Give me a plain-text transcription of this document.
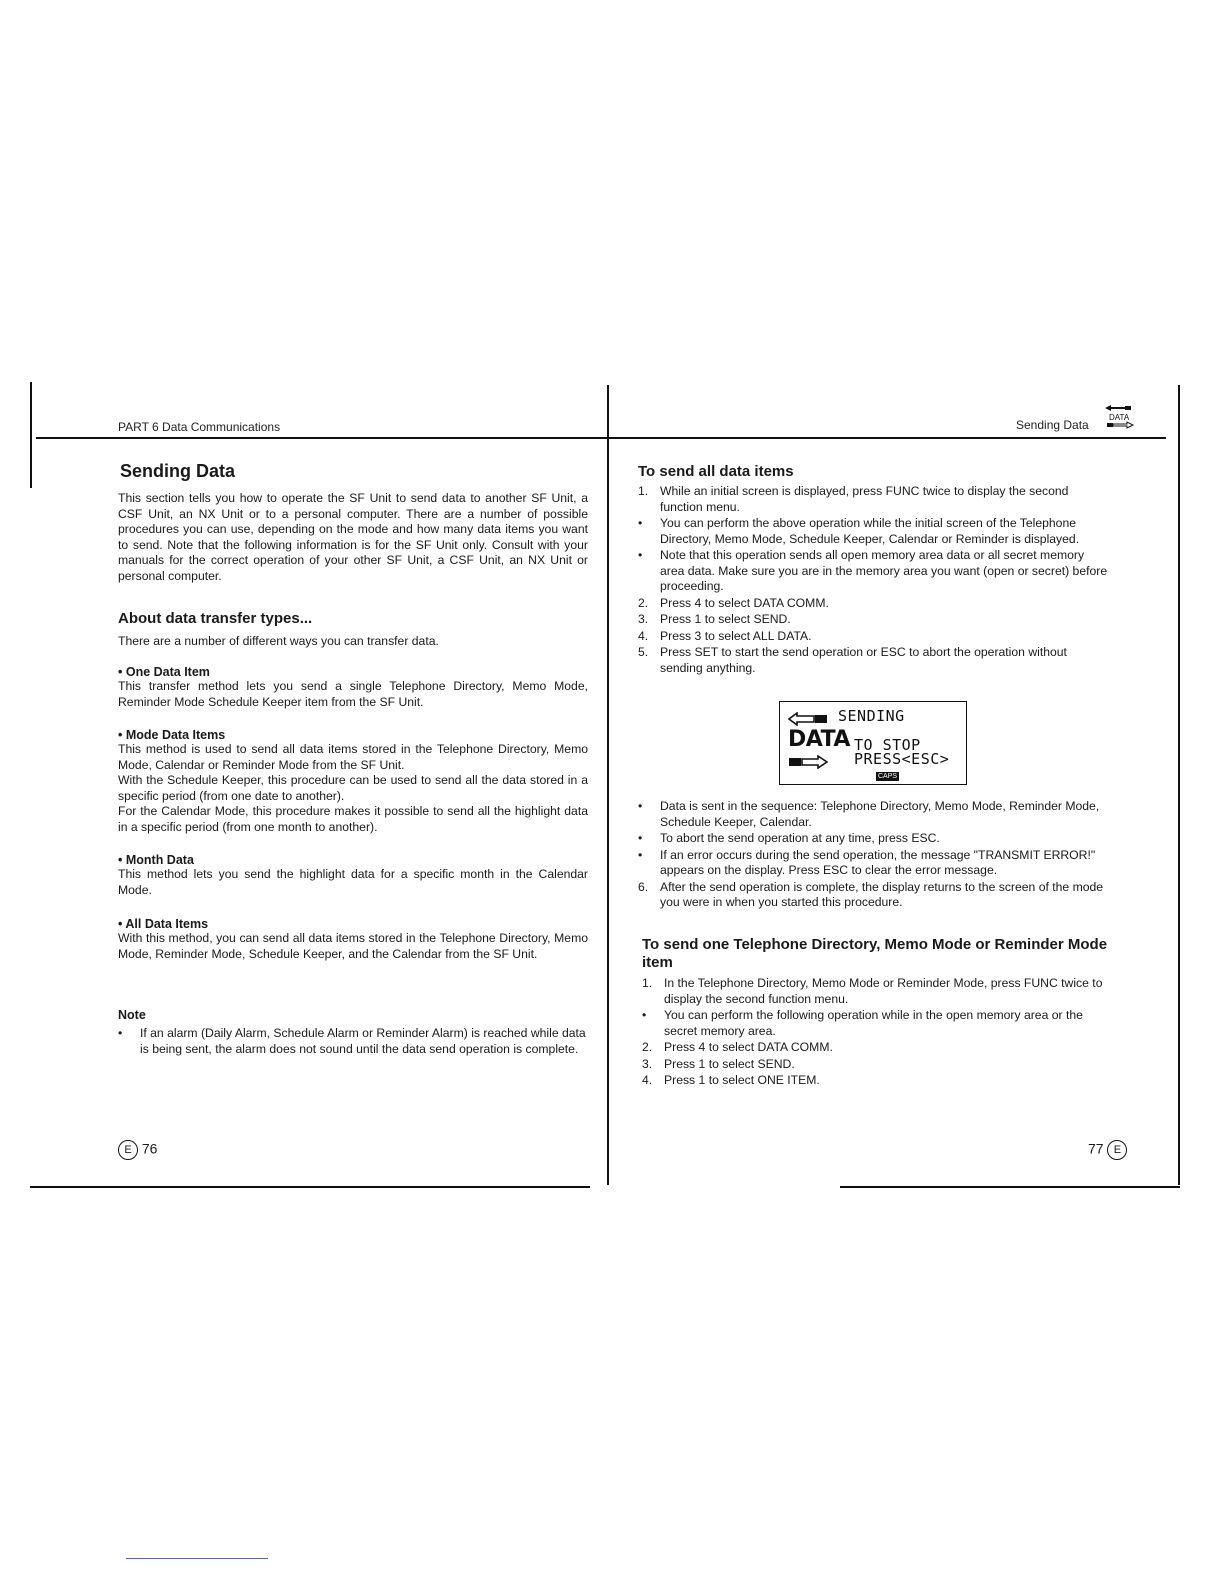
PART 6 Data Communications	Sending Data
DATA
Sending Data
This section tells you how to operate the SF Unit to send data to another SF Unit, a CSF Unit, an NX Unit or to a personal computer. There are a number of possible procedures you can use, depending on the mode and how many data items you want to send. Note that the following information is for the SF Unit only. Consult with your manuals for the correct operation of your other SF Unit, a CSF Unit, an NX Unit or personal computer.
About data transfer types...
There are a number of different ways you can transfer data.
• One Data Item
This transfer method lets you send a single Telephone Directory, Memo Mode, Reminder Mode Schedule Keeper item from the SF Unit.
• Mode Data Items
This method is used to send all data items stored in the Telephone Directory, Memo Mode, Calendar or Reminder Mode from the SF Unit.
With the Schedule Keeper, this procedure can be used to send all the data stored in a specific period (from one date to another).
For the Calendar Mode, this procedure makes it possible to send all the highlight data in a specific period (from one month to another).
• Month Data
This method lets you send the highlight data for a specific month in the Calendar Mode.
• All Data Items
With this method, you can send all data items stored in the Telephone Directory, Memo Mode, Reminder Mode, Schedule Keeper, and the Calendar from the SF Unit.
Note
•	If an alarm (Daily Alarm, Schedule Alarm or Reminder Alarm) is reached while data is being sent, the alarm does not sound until the data send operation is complete.
E 76
To send all data items
1. While an initial screen is displayed, press FUNC twice to display the second function menu.
•	You can perform the above operation while the initial screen of the Telephone Directory, Memo Mode, Schedule Keeper, Calendar or Reminder is displayed.
•	Note that this operation sends all open memory area data or all secret memory area data. Make sure you are in the memory area you want (open or secret) before proceeding.
2. Press 4 to select DATA COMM.
3. Press 1 to select SEND.
4. Press 3 to select ALL DATA.
5. Press SET to start the send operation or ESC to abort the operation without sending anything.
SENDING
DATA TO STOP
PRESS<ESC>
CAPS
•	Data is sent in the sequence: Telephone Directory, Memo Mode, Reminder Mode, Schedule Keeper, Calendar.
•	To abort the send operation at any time, press ESC.
•	If an error occurs during the send operation, the message "TRANSMIT ERROR!" appears on the display. Press ESC to clear the error message.
6. After the send operation is complete, the display returns to the screen of the mode you were in when you started this procedure.
To send one Telephone Directory, Memo Mode or Reminder Mode item
1. In the Telephone Directory, Memo Mode or Reminder Mode, press FUNC twice to display the second function menu.
•	You can perform the following operation while in the open memory area or the secret memory area.
2. Press 4 to select DATA COMM.
3. Press 1 to select SEND.
4. Press 1 to select ONE ITEM.
77 E
